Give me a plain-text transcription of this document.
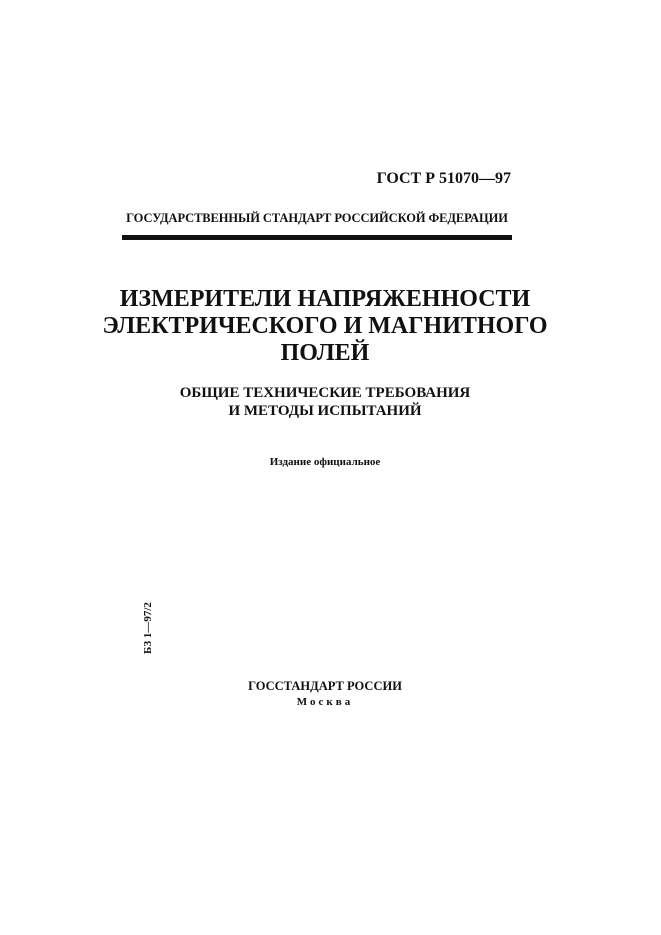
ГОСТ Р 51070—97
ГОСУДАРСТВЕННЫЙ СТАНДАРТ РОССИЙСКОЙ ФЕДЕРАЦИИ
ИЗМЕРИТЕЛИ НАПРЯЖЕННОСТИ
ЭЛЕКТРИЧЕСКОГО И МАГНИТНОГО
ПОЛЕЙ
ОБЩИЕ ТЕХНИЧЕСКИЕ ТРЕБОВАНИЯ
И МЕТОДЫ ИСПЫТАНИЙ
Издание официальное
БЗ 1—97/2
ГОССТАНДАРТ РОССИИ
Москва
